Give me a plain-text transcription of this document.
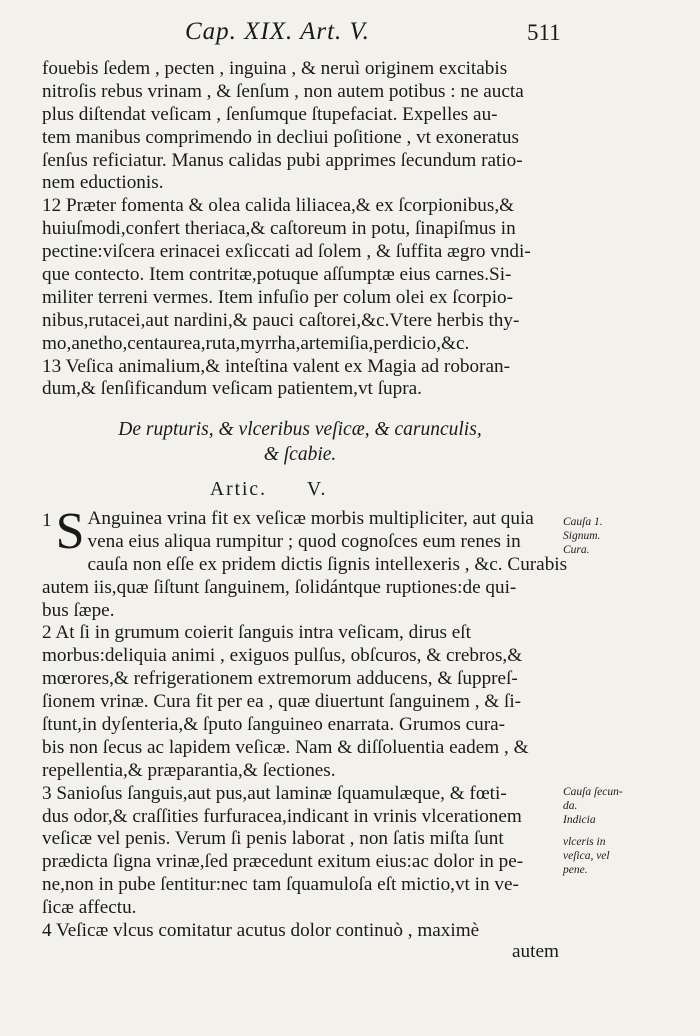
Cap. XIX. Art. V.	511
fouebis ſedem , pecten , inguina , & neruì originem excitabis
nitroſis rebus vrinam , & ſenſum , non autem potibus : ne aucta
plus diſtendat veſicam , ſenſumque ſtupefaciat. Expelles au-
tem manibus comprimendo in decliui poſitione , vt exoneratus
ſenſus reficiatur. Manus calidas pubi apprimes ſecundum ratio-
nem eductionis.
12 Præter fomenta & olea calida liliacea,& ex ſcorpionibus,&
huiuſmodi,confert theriaca,& caſtoreum in potu, ſinapiſmus in
pectine:viſcera erinacei exſiccati ad ſolem , & ſuffita ægro vndi-
que contecto. Item contritæ,potuque aſſumptæ eius carnes.Si-
militer terreni vermes. Item infuſio per colum olei ex ſcorpio-
nibus,rutacei,aut nardini,& pauci caſtorei,&c.Vtere herbis thy-
mo,anetho,centaurea,ruta,myrrha,artemiſia,perdicio,&c.
13 Veſica animalium,& inteſtina valent ex Magia ad roboran-
dum,& ſenſificandum veſicam patientem,vt ſupra.
De rupturis, & vlceribus veſicæ, & carunculis,
& ſcabie.
Artic. V.
1 S Anguinea vrina fit ex veſicæ morbis multipliciter, aut quia
vena eius aliqua rumpitur ; quod cognoſces eum renes in
cauſa non eſſe ex pridem dictis ſignis intellexeris , &c. Curabis
autem iis,quæ ſiſtunt ſanguinem, ſolidántque ruptiones:de qui-
bus ſæpe.
2 At ſi in grumum coierit ſanguis intra veſicam, dirus eſt
morbus:deliquia animi , exiguos pulſus, obſcuros, & crebros,&
mœrores,& refrigerationem extremorum adducens, & ſuppreſ-
ſionem vrinæ. Cura fit per ea , quæ diuertunt ſanguinem , & ſi-
ſtunt,in dyſenteria,& ſputo ſanguineo enarrata. Grumos cura-
bis non ſecus ac lapidem veſicæ. Nam & diſſoluentia eadem , &
repellentia,& præparantia,& ſectiones.
3 Sanioſus ſanguis,aut pus,aut laminæ ſquamulæque, & fœti-
dus odor,& craſſities furfuracea,indicant in vrinis vlcerationem
veſicæ vel penis. Verum ſi penis laborat , non ſatis miſta ſunt
prædicta ſigna vrinæ,ſed præcedunt exitum eius:ac dolor in pe-
ne,non in pube ſentitur:nec tam ſquamuloſa eſt mictio,vt in ve-
ſicæ affectu.
4 Veſicæ vlcus comitatur acutus dolor continuò , maximè
autem
Cauſa 1.
Signum.
Cura.
Cauſa ſecun-
da.
Indicia
vlceris in
veſica, vel
pene.
